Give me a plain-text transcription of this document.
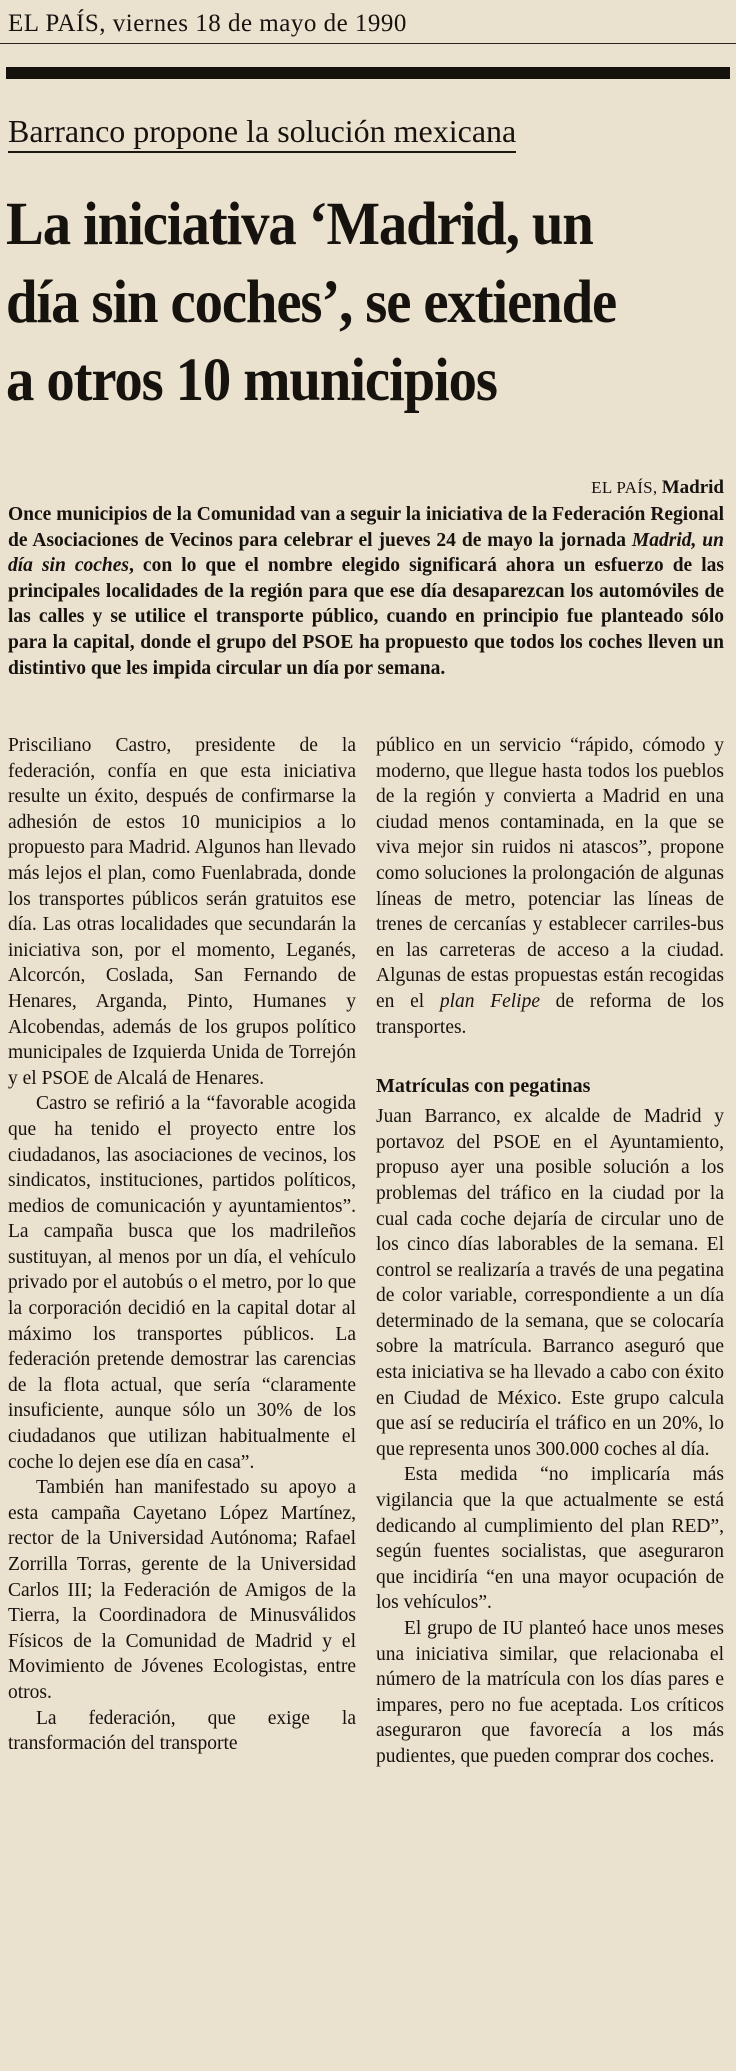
EL PAÍS, viernes 18 de mayo de 1990
Barranco propone la solución mexicana
La iniciativa ‘Madrid, un
día sin coches’, se extiende
a otros 10 municipios
EL PAÍS, Madrid

Once municipios de la Comunidad van a seguir la iniciativa de la Federación Regional de Asociaciones de Vecinos para celebrar el jueves 24 de mayo la jornada Madrid, un día sin coches, con lo que el nombre elegido significará ahora un esfuerzo de las principales localidades de la región para que ese día desaparezcan los automóviles de las calles y se utilice el transporte público, cuando en principio fue planteado sólo para la capital, donde el grupo del PSOE ha propuesto que todos los coches lleven un distintivo que les impida circular un día por semana.

Prisciliano Castro, presidente de la federación, confía en que esta iniciativa resulte un éxito, después de confirmarse la adhesión de estos 10 municipios a lo propuesto para Madrid. Algunos han llevado más lejos el plan, como Fuenlabrada, donde los transportes públicos serán gratuitos ese día. Las otras localidades que secundarán la iniciativa son, por el momento, Leganés, Alcorcón, Coslada, San Fernando de Henares, Arganda, Pinto, Humanes y Alcobendas, además de los grupos político municipales de Izquierda Unida de Torrejón y el PSOE de Alcalá de Henares.

Castro se refirió a la “favorable acogida que ha tenido el proyecto entre los ciudadanos, las asociaciones de vecinos, los sindicatos, instituciones, partidos políticos, medios de comunicación y ayuntamientos”. La campaña busca que los madrileños sustituyan, al menos por un día, el vehículo privado por el autobús o el metro, por lo que la corporación decidió en la capital dotar al máximo los transportes públicos. La federación pretende demostrar las carencias de la flota actual, que sería “claramente insuficiente, aunque sólo un 30% de los ciudadanos que utilizan habitualmente el coche lo dejen ese día en casa”.

También han manifestado su apoyo a esta campaña Cayetano López Martínez, rector de la Universidad Autónoma; Rafael Zorrilla Torras, gerente de la Universidad Carlos III; la Federación de Amigos de la Tierra, la Coordinadora de Minusválidos Físicos de la Comunidad de Madrid y el Movimiento de Jóvenes Ecologistas, entre otros.

La federación, que exige la transformación del transporte

público en un servicio “rápido, cómodo y moderno, que llegue hasta todos los pueblos de la región y convierta a Madrid en una ciudad menos contaminada, en la que se viva mejor sin ruidos ni atascos”, propone como soluciones la prolongación de algunas líneas de metro, potenciar las líneas de trenes de cercanías y establecer carriles-bus en las carreteras de acceso a la ciudad. Algunas de estas propuestas están recogidas en el plan Felipe de reforma de los transportes.

Matrículas con pegatinas

Juan Barranco, ex alcalde de Madrid y portavoz del PSOE en el Ayuntamiento, propuso ayer una posible solución a los problemas del tráfico en la ciudad por la cual cada coche dejaría de circular uno de los cinco días laborables de la semana. El control se realizaría a través de una pegatina de color variable, correspondiente a un día determinado de la semana, que se colocaría sobre la matrícula. Barranco aseguró que esta iniciativa se ha llevado a cabo con éxito en Ciudad de México. Este grupo calcula que así se reduciría el tráfico en un 20%, lo que representa unos 300.000 coches al día.

Esta medida “no implicaría más vigilancia que la que actualmente se está dedicando al cumplimiento del plan RED”, según fuentes socialistas, que aseguraron que incidiría “en una mayor ocupación de los vehículos”.

El grupo de IU planteó hace unos meses una iniciativa similar, que relacionaba el número de la matrícula con los días pares e impares, pero no fue aceptada. Los críticos aseguraron que favorecía a los más pudientes, que pueden comprar dos coches.
